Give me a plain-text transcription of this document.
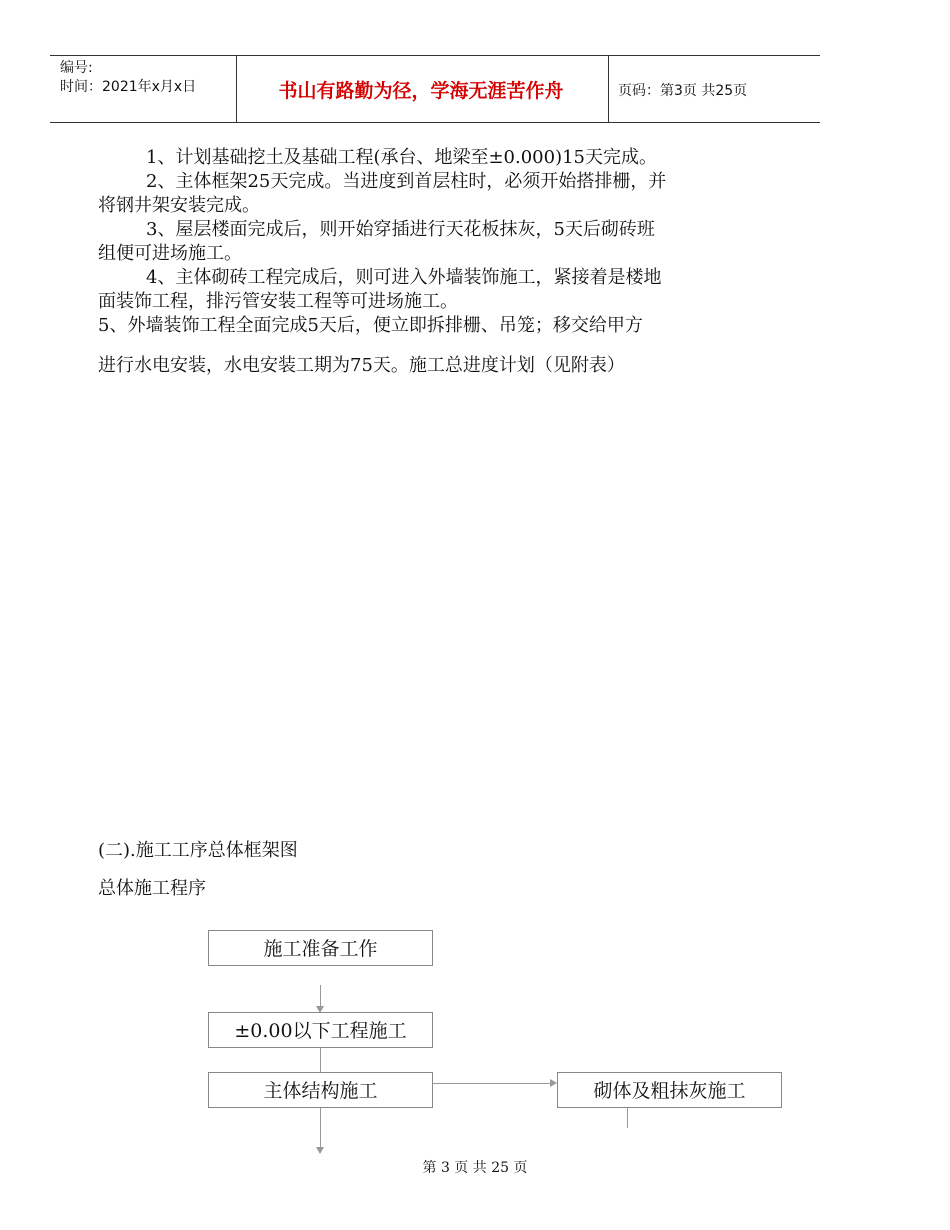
编号:
时间：2021年x月x日	书山有路勤为径，学海无涯苦作舟	页码：第3页 共25页
1、计划基础挖土及基础工程(承台、地梁至±0.000)15天完成。
2、主体框架25天完成。当进度到首层柱时，必须开始搭排栅，并
将钢井架安装完成。
3、屋层楼面完成后，则开始穿插进行天花板抹灰，5天后砌砖班
组便可进场施工。
4、主体砌砖工程完成后，则可进入外墙装饰施工，紧接着是楼地
面装饰工程，排污管安装工程等可进场施工。
5、外墙装饰工程全面完成5天后，便立即拆排栅、吊笼；移交给甲方
进行水电安装，水电安装工期为75天。施工总进度计划（见附表）
(二).施工工序总体框架图
总体施工程序
施工准备工作
±0.00以下工程施工
主体结构施工	砌体及粗抹灰施工
第 3 页 共 25 页
